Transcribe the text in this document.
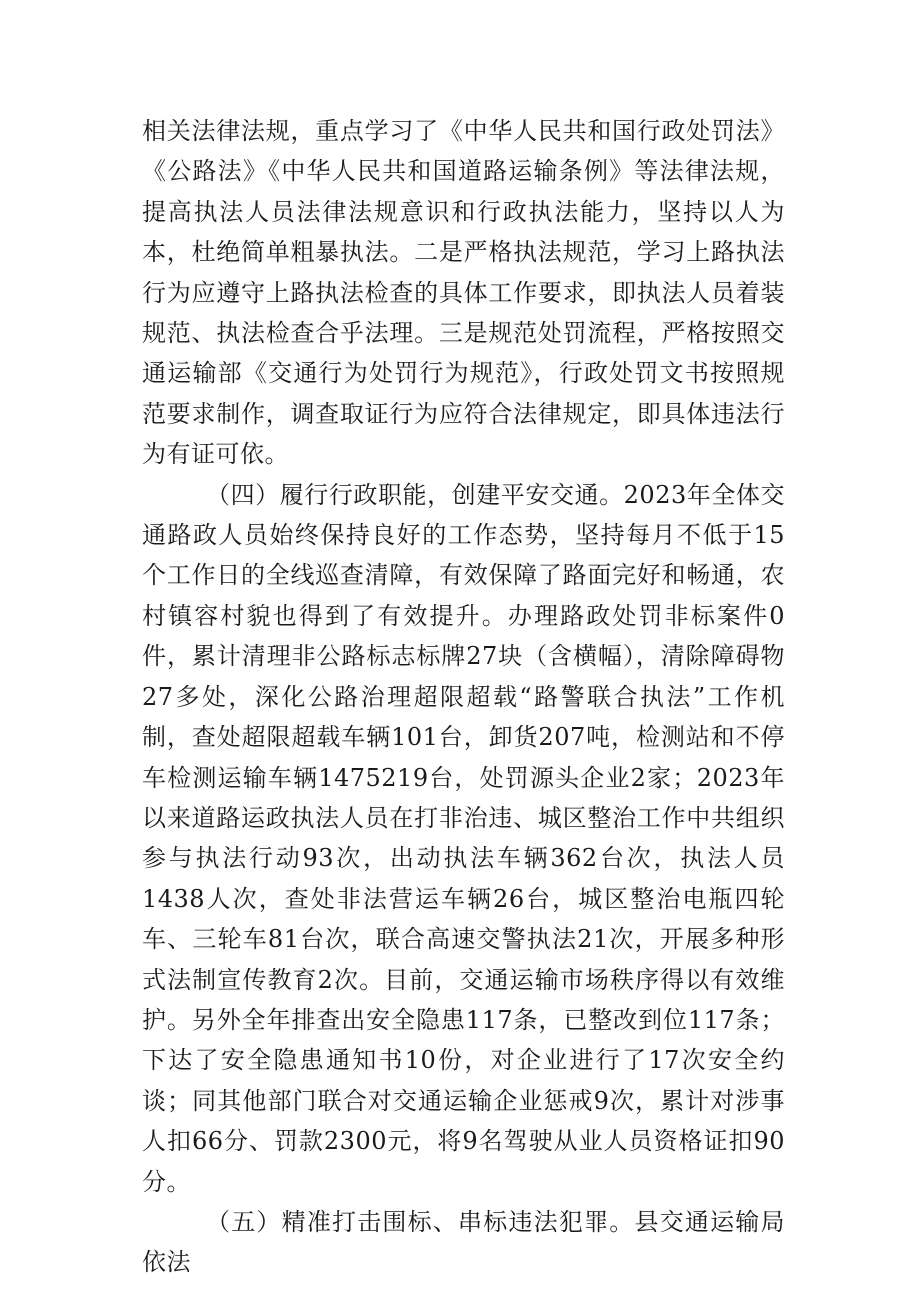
相关法律法规，重点学习了《中华人民共和国行政处罚法》《公路法》《中华人民共和国道路运输条例》等法律法规，提高执法人员法律法规意识和行政执法能力，坚持以人为本，杜绝简单粗暴执法。二是严格执法规范，学习上路执法行为应遵守上路执法检查的具体工作要求，即执法人员着装规范、执法检查合乎法理。三是规范处罚流程，严格按照交通运输部《交通行为处罚行为规范》，行政处罚文书按照规范要求制作，调查取证行为应符合法律规定，即具体违法行为有证可依。

（四）履行行政职能，创建平安交通。2023年全体交通路政人员始终保持良好的工作态势，坚持每月不低于15个工作日的全线巡查清障，有效保障了路面完好和畅通，农村镇容村貌也得到了有效提升。办理路政处罚非标案件0件，累计清理非公路标志标牌27块（含横幅），清除障碍物27多处，深化公路治理超限超载“路警联合执法”工作机制，查处超限超载车辆101台，卸货207吨，检测站和不停车检测运输车辆1475219台，处罚源头企业2家；2023年以来道路运政执法人员在打非治违、城区整治工作中共组织参与执法行动93次，出动执法车辆362台次，执法人员1438人次，查处非法营运车辆26台，城区整治电瓶四轮车、三轮车81台次，联合高速交警执法21次，开展多种形式法制宣传教育2次。目前，交通运输市场秩序得以有效维护。另外全年排查出安全隐患117条，已整改到位117条；下达了安全隐患通知书10份，对企业进行了17次安全约谈；同其他部门联合对交通运输企业惩戒9次，累计对涉事人扣66分、罚款2300元，将9名驾驶从业人员资格证扣90分。

（五）精准打击围标、串标违法犯罪。县交通运输局依法
